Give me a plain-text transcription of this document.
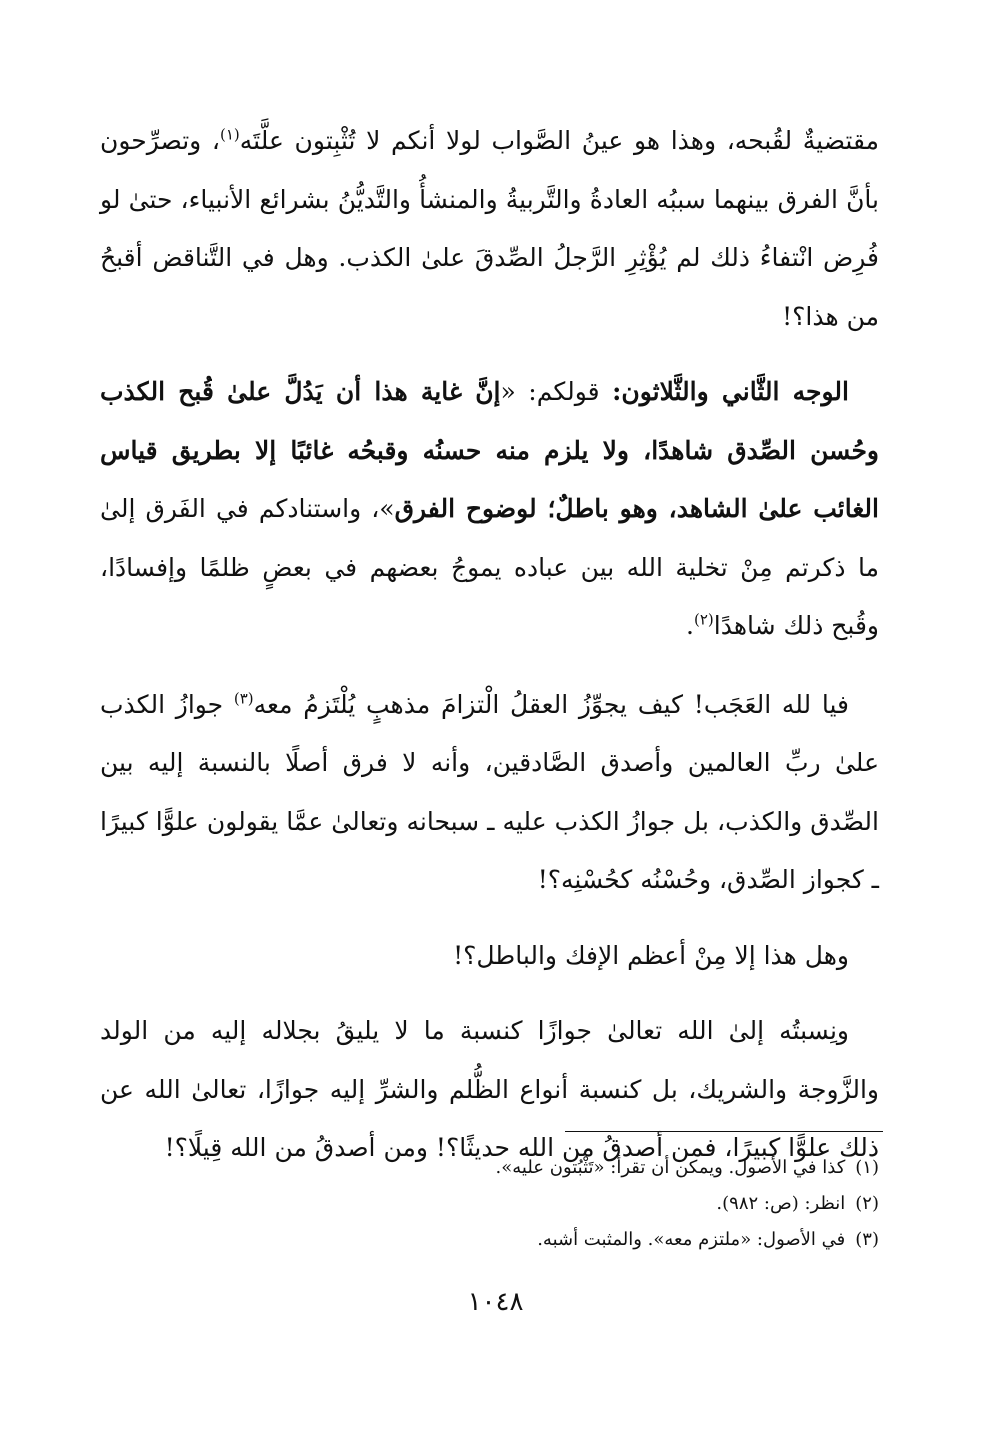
مقتضيةٌ لقُبحه، وهذا هو عينُ الصَّواب لولا أنكم لا تُثْبِتون علَّتَه$^{(١)}$، وتصرِّحون بأنَّ الفرق بينهما سببُه العادةُ والتَّربيةُ والمنشأُ والتَّديُّنُ بشرائع الأنبياء، حتىٰ لو فُرِض انْتفاءُ ذلك لم يُؤْثِرِ الرَّجلُ الصِّدقَ علىٰ الكذب. وهل في التَّناقض أقبحُ من هذا؟!

الوجه الثَّاني والثَّلاثون: قولكم: «إنَّ غاية هذا أن يَدُلَّ علىٰ قُبح الكذب وحُسن الصِّدق شاهدًا، ولا يلزم منه حسنُه وقبحُه غائبًا إلا بطريق قياس الغائب علىٰ الشاهد، وهو باطلٌ؛ لوضوح الفرق»، واستنادكم في الفَرق إلىٰ ما ذكرتم مِنْ تخلية الله بين عباده يموجُ بعضهم في بعضٍ ظلمًا وإفسادًا، وقُبح ذلك شاهدًا$^{(٢)}$.

فيا لله العَجَب! كيف يجوِّزُ العقلُ الْتزامَ مذهبٍ يُلْتَزمُ معه$^{(٣)}$ جوازُ الكذب علىٰ ربِّ العالمين وأصدق الصَّادقين، وأنه لا فرق أصلًا بالنسبة إليه بين الصِّدق والكذب، بل جوازُ الكذب عليه ـ سبحانه وتعالىٰ عمَّا يقولون علوًّا كبيرًا ـ كجواز الصِّدق، وحُسْنُه كحُسْنِه؟!

وهل هذا إلا مِنْ أعظم الإفك والباطل؟!

ونِسبتُه إلىٰ الله تعالىٰ جوازًا كنسبة ما لا يليقُ بجلاله إليه من الولد والزَّوجة والشريك، بل كنسبة أنواع الظُّلم والشرِّ إليه جوازًا، تعالىٰ الله عن ذلك علوًّا كبيرًا، فمن أصدقُ من الله حديثًا؟! ومن أصدقُ من الله قِيلًا؟!

(١)كذا في الأصول. ويمكن أن تقرأ: «تَثْبُتون عليه».

(٢)انظر: (ص: ٩٨٢).

(٣)في الأصول: «ملتزم معه». والمثبت أشبه.

١٠٤٨
